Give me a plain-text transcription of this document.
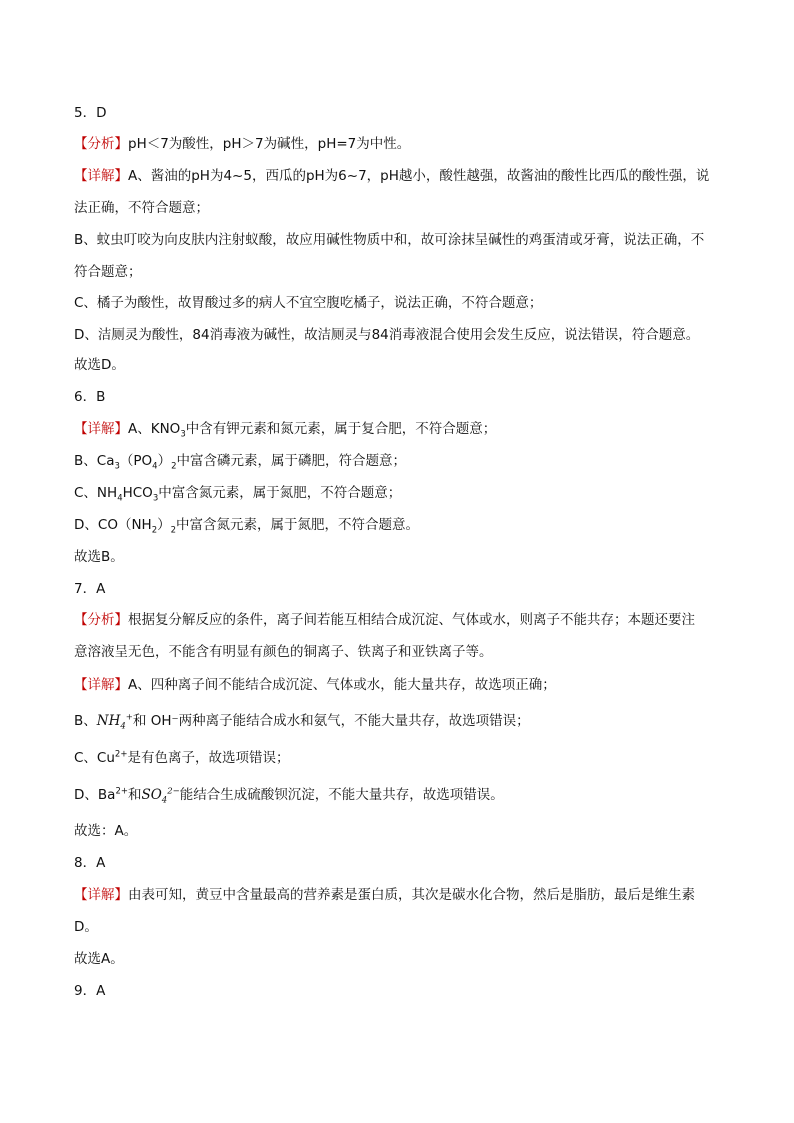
5．D
【分析】pH＜7为酸性，pH＞7为碱性，pH=7为中性。
【详解】A、酱油的pH为4~5，西瓜的pH为6~7，pH越小，酸性越强，故酱油的酸性比西瓜的酸性强，说
法正确，不符合题意；
B、蚊虫叮咬为向皮肤内注射蚁酸，故应用碱性物质中和，故可涂抹呈碱性的鸡蛋清或牙膏，说法正确，不
符合题意；
C、橘子为酸性，故胃酸过多的病人不宜空腹吃橘子，说法正确，不符合题意；
D、洁厕灵为酸性，84消毒液为碱性，故洁厕灵与84消毒液混合使用会发生反应，说法错误，符合题意。
故选D。
6．B
【详解】A、$KNO_3$中含有钾元素和氮元素，属于复合肥，不符合题意；
B、$Ca_3(PO_4)_2$中富含磷元素，属于磷肥，符合题意；
C、$NH_4HCO_3$中富含氮元素，属于氮肥，不符合题意；
D、$CO(NH_2)_2$中富含氮元素，属于氮肥，不符合题意。
故选B。
7．A
【分析】根据复分解反应的条件，离子间若能互相结合成沉淀、气体或水，则离子不能共存；本题还要注
意溶液呈无色，不能含有明显有颜色的铜离子、铁离子和亚铁离子等。
【详解】A、四种离子间不能结合成沉淀、气体或水，能大量共存，故选项正确；
B、$NH_4^+$和 OH⁻两种离子能结合成水和氨气，不能大量共存，故选项错误；
C、$Cu^{2+}$是有色离子，故选项错误；
D、$Ba^{2+}$和$SO_4^{2-}$能结合生成硫酸钡沉淀，不能大量共存，故选项错误。
故选：A。
8．A
【详解】由表可知，黄豆中含量最高的营养素是蛋白质，其次是碳水化合物，然后是脂肪，最后是维生素
D。
故选A。
9．A
